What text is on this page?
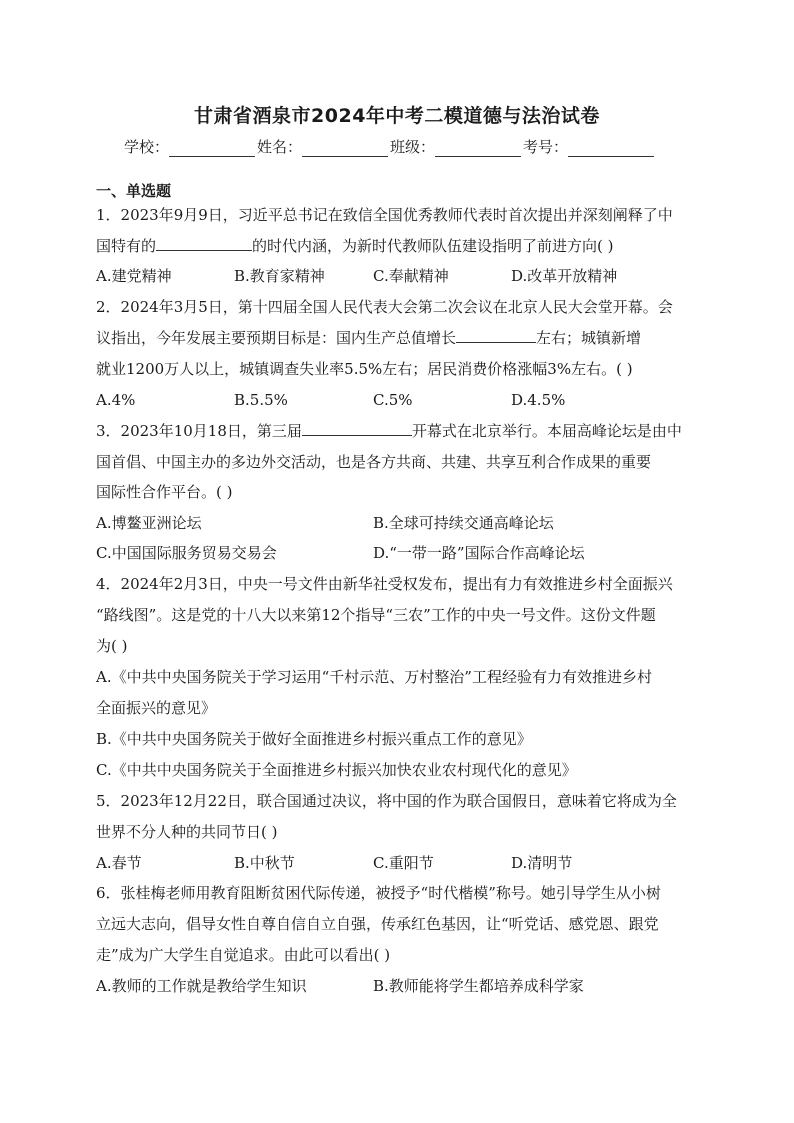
甘肃省酒泉市2024年中考二模道德与法治试卷
学校：	姓名：	班级：	考号：
一、单选题
1．2023年9月9日，习近平总书记在致信全国优秀教师代表时首次提出并深刻阐释了中
国特有的	的时代内涵，为新时代教师队伍建设指明了前进方向( )
A.建党精神	B.教育家精神	C.奉献精神	D.改革开放精神
2．2024年3月5日，第十四届全国人民代表大会第二次会议在北京人民大会堂开幕。会
议指出，今年发展主要预期目标是：国内生产总值增长	左右；城镇新增
就业1200万人以上，城镇调查失业率5.5%左右；居民消费价格涨幅3%左右。( )
A.4%	B.5.5%	C.5%	D.4.5%
3．2023年10月18日，第三届	开幕式在北京举行。本届高峰论坛是由中
国首倡、中国主办的多边外交活动，也是各方共商、共建、共享互利合作成果的重要
国际性合作平台。( )
A.博鳌亚洲论坛	B.全球可持续交通高峰论坛
C.中国国际服务贸易交易会	D.“一带一路”国际合作高峰论坛
4．2024年2月3日，中央一号文件由新华社受权发布，提出有力有效推进乡村全面振兴
“路线图”。这是党的十八大以来第12个指导“三农”工作的中央一号文件。这份文件题
为( )
A.《中共中央国务院关于学习运用“千村示范、万村整治”工程经验有力有效推进乡村
全面振兴的意见》
B.《中共中央国务院关于做好全面推进乡村振兴重点工作的意见》
C.《中共中央国务院关于全面推进乡村振兴加快农业农村现代化的意见》
5．2023年12月22日，联合国通过决议，将中国的作为联合国假日，意味着它将成为全
世界不分人种的共同节日( )
A.春节	B.中秋节	C.重阳节	D.清明节
6．张桂梅老师用教育阻断贫困代际传递，被授予“时代楷模”称号。她引导学生从小树
立远大志向，倡导女性自尊自信自立自强，传承红色基因，让“听党话、感党恩、跟党
走”成为广大学生自觉追求。由此可以看出( )
A.教师的工作就是教给学生知识	B.教师能将学生都培养成科学家
